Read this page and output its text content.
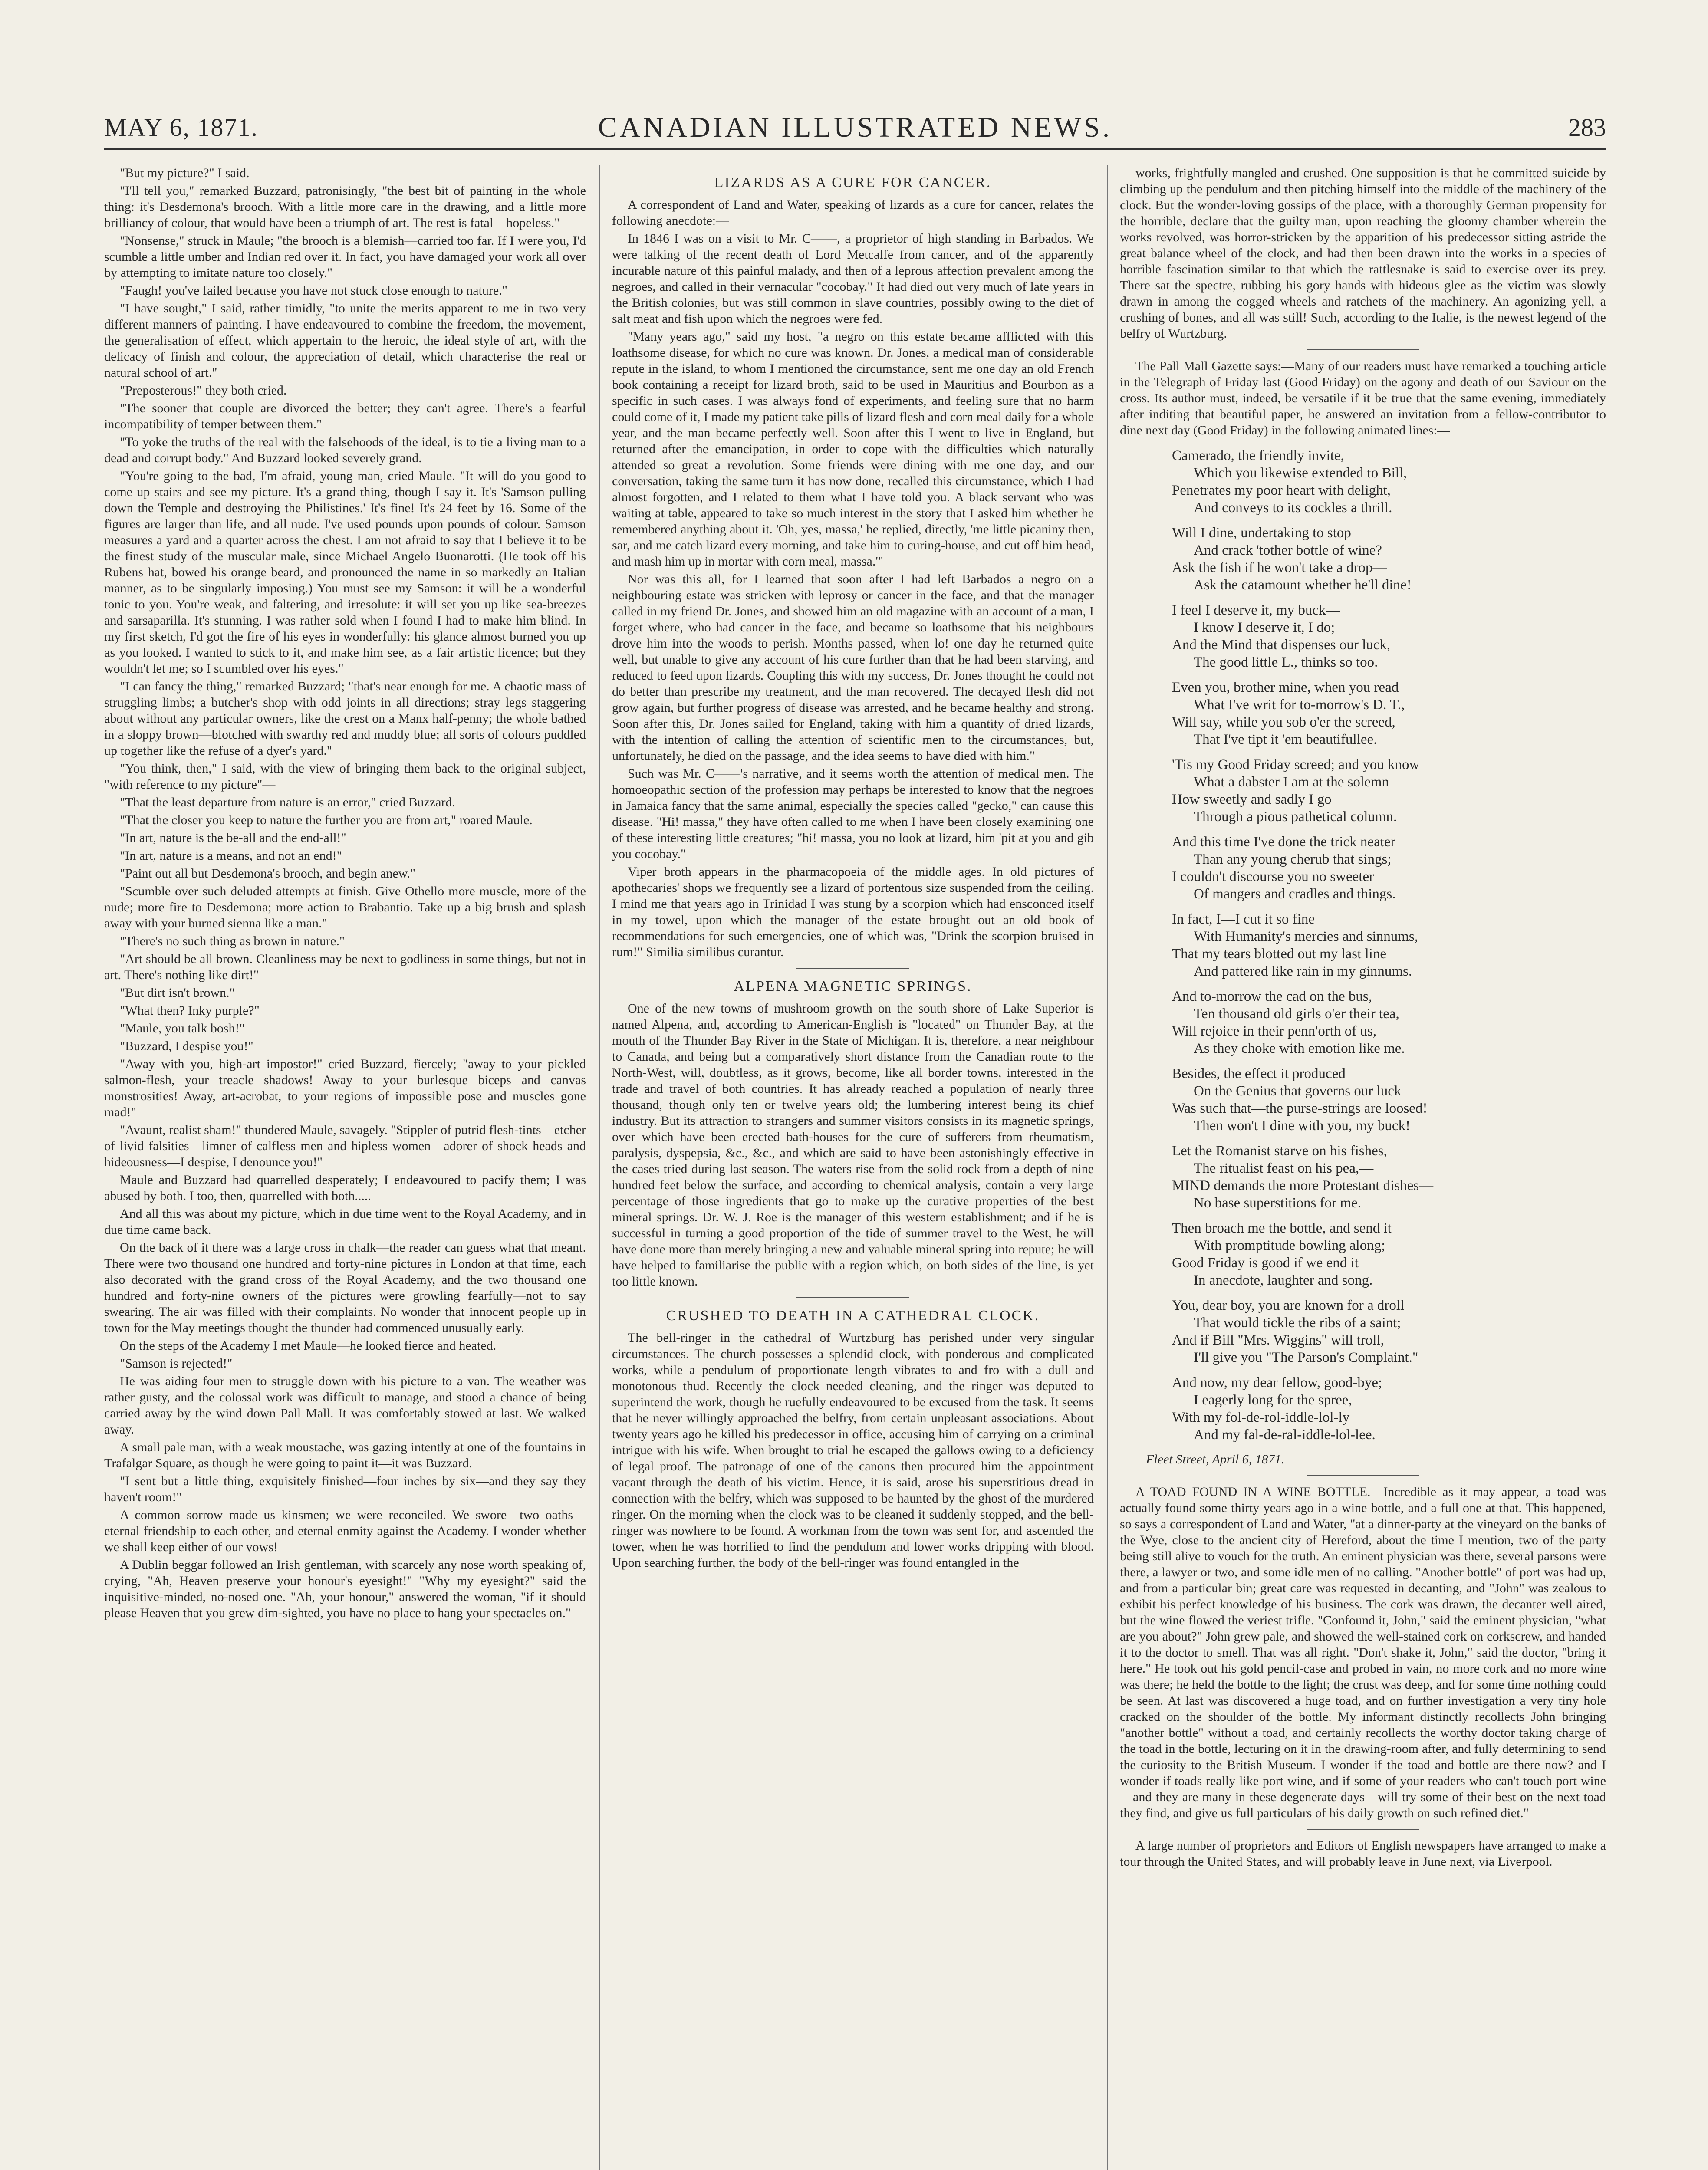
MAY 6, 1871.	CANADIAN ILLUSTRATED NEWS.	283

"But my picture?" I said.

"I'll tell you," remarked Buzzard, patronisingly, "the best bit of painting in the whole thing: it's Desdemona's brooch. With a little more care in the drawing, and a little more brilliancy of colour, that would have been a triumph of art. The rest is fatal—hopeless."

"Nonsense," struck in Maule; "the brooch is a blemish—carried too far. If I were you, I'd scumble a little umber and Indian red over it. In fact, you have damaged your work all over by attempting to imitate nature too closely."

"Faugh! you've failed because you have not stuck close enough to nature."

"I have sought," I said, rather timidly, "to unite the merits apparent to me in two very different manners of painting. I have endeavoured to combine the freedom, the movement, the generalisation of effect, which appertain to the heroic, the ideal style of art, with the delicacy of finish and colour, the appreciation of detail, which characterise the real or natural school of art."

"Preposterous!" they both cried.

"The sooner that couple are divorced the better; they can't agree. There's a fearful incompatibility of temper between them."

"To yoke the truths of the real with the falsehoods of the ideal, is to tie a living man to a dead and corrupt body." And Buzzard looked severely grand.

"You're going to the bad, I'm afraid, young man, cried Maule. "It will do you good to come up stairs and see my picture. It's a grand thing, though I say it. It's 'Samson pulling down the Temple and destroying the Philistines.' It's fine! It's 24 feet by 16. Some of the figures are larger than life, and all nude. I've used pounds upon pounds of colour. Samson measures a yard and a quarter across the chest. I am not afraid to say that I believe it to be the finest study of the muscular male, since Michael Angelo Buonarotti. (He took off his Rubens hat, bowed his orange beard, and pronounced the name in so markedly an Italian manner, as to be singularly imposing.) You must see my Samson: it will be a wonderful tonic to you. You're weak, and faltering, and irresolute: it will set you up like sea-breezes and sarsaparilla. It's stunning. I was rather sold when I found I had to make him blind. In my first sketch, I'd got the fire of his eyes in wonderfully: his glance almost burned you up as you looked. I wanted to stick to it, and make him see, as a fair artistic licence; but they wouldn't let me; so I scumbled over his eyes."

"I can fancy the thing," remarked Buzzard; "that's near enough for me. A chaotic mass of struggling limbs; a butcher's shop with odd joints in all directions; stray legs staggering about without any particular owners, like the crest on a Manx half-penny; the whole bathed in a sloppy brown—blotched with swarthy red and muddy blue; all sorts of colours puddled up together like the refuse of a dyer's yard."

"You think, then," I said, with the view of bringing them back to the original subject, "with reference to my picture"—

"That the least departure from nature is an error," cried Buzzard.

"That the closer you keep to nature the further you are from art," roared Maule.

"In art, nature is the be-all and the end-all!"

"In art, nature is a means, and not an end!"

"Paint out all but Desdemona's brooch, and begin anew."

"Scumble over such deluded attempts at finish. Give Othello more muscle, more of the nude; more fire to Desdemona; more action to Brabantio. Take up a big brush and splash away with your burned sienna like a man."

"There's no such thing as brown in nature."

"Art should be all brown. Cleanliness may be next to godliness in some things, but not in art. There's nothing like dirt!"

"But dirt isn't brown."

"What then? Inky purple?"

"Maule, you talk bosh!"

"Buzzard, I despise you!"

"Away with you, high-art impostor!" cried Buzzard, fiercely; "away to your pickled salmon-flesh, your treacle shadows! Away to your burlesque biceps and canvas monstrosities! Away, art-acrobat, to your regions of impossible pose and muscles gone mad!"

"Avaunt, realist sham!" thundered Maule, savagely. "Stippler of putrid flesh-tints—etcher of livid falsities—limner of calfless men and hipless women—adorer of shock heads and hideousness—I despise, I denounce you!"

Maule and Buzzard had quarrelled desperately; I endeavoured to pacify them; I was abused by both. I too, then, quarrelled with both.....

And all this was about my picture, which in due time went to the Royal Academy, and in due time came back.

On the back of it there was a large cross in chalk—the reader can guess what that meant. There were two thousand one hundred and forty-nine pictures in London at that time, each also decorated with the grand cross of the Royal Academy, and the two thousand one hundred and forty-nine owners of the pictures were growling fearfully—not to say swearing. The air was filled with their complaints. No wonder that innocent people up in town for the May meetings thought the thunder had commenced unusually early.

On the steps of the Academy I met Maule—he looked fierce and heated.

"Samson is rejected!"

He was aiding four men to struggle down with his picture to a van. The weather was rather gusty, and the colossal work was difficult to manage, and stood a chance of being carried away by the wind down Pall Mall. It was comfortably stowed at last. We walked away.

A small pale man, with a weak moustache, was gazing intently at one of the fountains in Trafalgar Square, as though he were going to paint it—it was Buzzard.

"I sent but a little thing, exquisitely finished—four inches by six—and they say they haven't room!"

A common sorrow made us kinsmen; we were reconciled. We swore—two oaths—eternal friendship to each other, and eternal enmity against the Academy. I wonder whether we shall keep either of our vows!

A Dublin beggar followed an Irish gentleman, with scarcely any nose worth speaking of, crying, "Ah, Heaven preserve your honour's eyesight!" "Why my eyesight?" said the inquisitive-minded, no-nosed one. "Ah, your honour," answered the woman, "if it should please Heaven that you grew dim-sighted, you have no place to hang your spectacles on."

LIZARDS AS A CURE FOR CANCER.

A correspondent of Land and Water, speaking of lizards as a cure for cancer, relates the following anecdote:—

In 1846 I was on a visit to Mr. C——, a proprietor of high standing in Barbados. We were talking of the recent death of Lord Metcalfe from cancer, and of the apparently incurable nature of this painful malady, and then of a leprous affection prevalent among the negroes, and called in their vernacular "cocobay." It had died out very much of late years in the British colonies, but was still common in slave countries, possibly owing to the diet of salt meat and fish upon which the negroes were fed.

"Many years ago," said my host, "a negro on this estate became afflicted with this loathsome disease, for which no cure was known. Dr. Jones, a medical man of considerable repute in the island, to whom I mentioned the circumstance, sent me one day an old French book containing a receipt for lizard broth, said to be used in Mauritius and Bourbon as a specific in such cases. I was always fond of experiments, and feeling sure that no harm could come of it, I made my patient take pills of lizard flesh and corn meal daily for a whole year, and the man became perfectly well. Soon after this I went to live in England, but returned after the emancipation, in order to cope with the difficulties which naturally attended so great a revolution. Some friends were dining with me one day, and our conversation, taking the same turn it has now done, recalled this circumstance, which I had almost forgotten, and I related to them what I have told you. A black servant who was waiting at table, appeared to take so much interest in the story that I asked him whether he remembered anything about it. 'Oh, yes, massa,' he replied, directly, 'me little picaniny then, sar, and me catch lizard every morning, and take him to curing-house, and cut off him head, and mash him up in mortar with corn meal, massa.'"

Nor was this all, for I learned that soon after I had left Barbados a negro on a neighbouring estate was stricken with leprosy or cancer in the face, and that the manager called in my friend Dr. Jones, and showed him an old magazine with an account of a man, I forget where, who had cancer in the face, and became so loathsome that his neighbours drove him into the woods to perish. Months passed, when lo! one day he returned quite well, but unable to give any account of his cure further than that he had been starving, and reduced to feed upon lizards. Coupling this with my success, Dr. Jones thought he could not do better than prescribe my treatment, and the man recovered. The decayed flesh did not grow again, but further progress of disease was arrested, and he became healthy and strong. Soon after this, Dr. Jones sailed for England, taking with him a quantity of dried lizards, with the intention of calling the attention of scientific men to the circumstances, but, unfortunately, he died on the passage, and the idea seems to have died with him."

Such was Mr. C——'s narrative, and it seems worth the attention of medical men. The homoeopathic section of the profession may perhaps be interested to know that the negroes in Jamaica fancy that the same animal, especially the species called "gecko," can cause this disease. "Hi! massa," they have often called to me when I have been closely examining one of these interesting little creatures; "hi! massa, you no look at lizard, him 'pit at you and gib you cocobay."

Viper broth appears in the pharmacopoeia of the middle ages. In old pictures of apothecaries' shops we frequently see a lizard of portentous size suspended from the ceiling. I mind me that years ago in Trinidad I was stung by a scorpion which had ensconced itself in my towel, upon which the manager of the estate brought out an old book of recommendations for such emergencies, one of which was, "Drink the scorpion bruised in rum!" Similia similibus curantur.

ALPENA MAGNETIC SPRINGS.

One of the new towns of mushroom growth on the south shore of Lake Superior is named Alpena, and, according to American-English is "located" on Thunder Bay, at the mouth of the Thunder Bay River in the State of Michigan. It is, therefore, a near neighbour to Canada, and being but a comparatively short distance from the Canadian route to the North-West, will, doubtless, as it grows, become, like all border towns, interested in the trade and travel of both countries. It has already reached a population of nearly three thousand, though only ten or twelve years old; the lumbering interest being its chief industry. But its attraction to strangers and summer visitors consists in its magnetic springs, over which have been erected bath-houses for the cure of sufferers from rheumatism, paralysis, dyspepsia, &c., &c., and which are said to have been astonishingly effective in the cases tried during last season. The waters rise from the solid rock from a depth of nine hundred feet below the surface, and according to chemical analysis, contain a very large percentage of those ingredients that go to make up the curative properties of the best mineral springs. Dr. W. J. Roe is the manager of this western establishment; and if he is successful in turning a good proportion of the tide of summer travel to the West, he will have done more than merely bringing a new and valuable mineral spring into repute; he will have helped to familiarise the public with a region which, on both sides of the line, is yet too little known.

CRUSHED TO DEATH IN A CATHEDRAL CLOCK.

The bell-ringer in the cathedral of Wurtzburg has perished under very singular circumstances. The church possesses a splendid clock, with ponderous and complicated works, while a pendulum of proportionate length vibrates to and fro with a dull and monotonous thud. Recently the clock needed cleaning, and the ringer was deputed to superintend the work, though he ruefully endeavoured to be excused from the task. It seems that he never willingly approached the belfry, from certain unpleasant associations. About twenty years ago he killed his predecessor in office, accusing him of carrying on a criminal intrigue with his wife. When brought to trial he escaped the gallows owing to a deficiency of legal proof. The patronage of one of the canons then procured him the appointment vacant through the death of his victim. Hence, it is said, arose his superstitious dread in connection with the belfry, which was supposed to be haunted by the ghost of the murdered ringer. On the morning when the clock was to be cleaned it suddenly stopped, and the bell-ringer was nowhere to be found. A workman from the town was sent for, and ascended the tower, when he was horrified to find the pendulum and lower works dripping with blood. Upon searching further, the body of the bell-ringer was found entangled in the

works, frightfully mangled and crushed. One supposition is that he committed suicide by climbing up the pendulum and then pitching himself into the middle of the machinery of the clock. But the wonder-loving gossips of the place, with a thoroughly German propensity for the horrible, declare that the guilty man, upon reaching the gloomy chamber wherein the works revolved, was horror-stricken by the apparition of his predecessor sitting astride the great balance wheel of the clock, and had then been drawn into the works in a species of horrible fascination similar to that which the rattlesnake is said to exercise over its prey. There sat the spectre, rubbing his gory hands with hideous glee as the victim was slowly drawn in among the cogged wheels and ratchets of the machinery. An agonizing yell, a crushing of bones, and all was still! Such, according to the Italie, is the newest legend of the belfry of Wurtzburg.

The Pall Mall Gazette says:—Many of our readers must have remarked a touching article in the Telegraph of Friday last (Good Friday) on the agony and death of our Saviour on the cross. Its author must, indeed, be versatile if it be true that the same evening, immediately after inditing that beautiful paper, he answered an invitation from a fellow-contributor to dine next day (Good Friday) in the following animated lines:—

Camerado, the friendly invite,
Which you likewise extended to Bill,
Penetrates my poor heart with delight,
And conveys to its cockles a thrill.
Will I dine, undertaking to stop
And crack 'tother bottle of wine?
Ask the fish if he won't take a drop—
Ask the catamount whether he'll dine!
I feel I deserve it, my buck—
I know I deserve it, I do;
And the Mind that dispenses our luck,
The good little L., thinks so too.
Even you, brother mine, when you read
What I've writ for to-morrow's D. T.,
Will say, while you sob o'er the screed,
That I've tipt it 'em beautifullee.
'Tis my Good Friday screed; and you know
What a dabster I am at the solemn—
How sweetly and sadly I go
Through a pious pathetical column.
And this time I've done the trick neater
Than any young cherub that sings;
I couldn't discourse you no sweeter
Of mangers and cradles and things.
In fact, I—I cut it so fine
With Humanity's mercies and sinnums,
That my tears blotted out my last line
And pattered like rain in my ginnums.
And to-morrow the cad on the bus,
Ten thousand old girls o'er their tea,
Will rejoice in their penn'orth of us,
As they choke with emotion like me.
Besides, the effect it produced
On the Genius that governs our luck
Was such that—the purse-strings are loosed!
Then won't I dine with you, my buck!
Let the Romanist starve on his fishes,
The ritualist feast on his pea,—
MIND demands the more Protestant dishes—
No base superstitions for me.
Then broach me the bottle, and send it
With promptitude bowling along;
Good Friday is good if we end it
In anecdote, laughter and song.
You, dear boy, you are known for a droll
That would tickle the ribs of a saint;
And if Bill "Mrs. Wiggins" will troll,
I'll give you "The Parson's Complaint."
And now, my dear fellow, good-bye;
I eagerly long for the spree,
With my fol-de-rol-iddle-lol-ly
And my fal-de-ral-iddle-lol-lee.
Fleet Street, April 6, 1871.

A TOAD FOUND IN A WINE BOTTLE.—Incredible as it may appear, a toad was actually found some thirty years ago in a wine bottle, and a full one at that. This happened, so says a correspondent of Land and Water, "at a dinner-party at the vineyard on the banks of the Wye, close to the ancient city of Hereford, about the time I mention, two of the party being still alive to vouch for the truth. An eminent physician was there, several parsons were there, a lawyer or two, and some idle men of no calling. "Another bottle" of port was had up, and from a particular bin; great care was requested in decanting, and "John" was zealous to exhibit his perfect knowledge of his business. The cork was drawn, the decanter well aired, but the wine flowed the veriest trifle. "Confound it, John," said the eminent physician, "what are you about?" John grew pale, and showed the well-stained cork on corkscrew, and handed it to the doctor to smell. That was all right. "Don't shake it, John," said the doctor, "bring it here." He took out his gold pencil-case and probed in vain, no more cork and no more wine was there; he held the bottle to the light; the crust was deep, and for some time nothing could be seen. At last was discovered a huge toad, and on further investigation a very tiny hole cracked on the shoulder of the bottle. My informant distinctly recollects John bringing "another bottle" without a toad, and certainly recollects the worthy doctor taking charge of the toad in the bottle, lecturing on it in the drawing-room after, and fully determining to send the curiosity to the British Museum. I wonder if the toad and bottle are there now? and I wonder if toads really like port wine, and if some of your readers who can't touch port wine—and they are many in these degenerate days—will try some of their best on the next toad they find, and give us full particulars of his daily growth on such refined diet."

A large number of proprietors and Editors of English newspapers have arranged to make a tour through the United States, and will probably leave in June next, via Liverpool.
